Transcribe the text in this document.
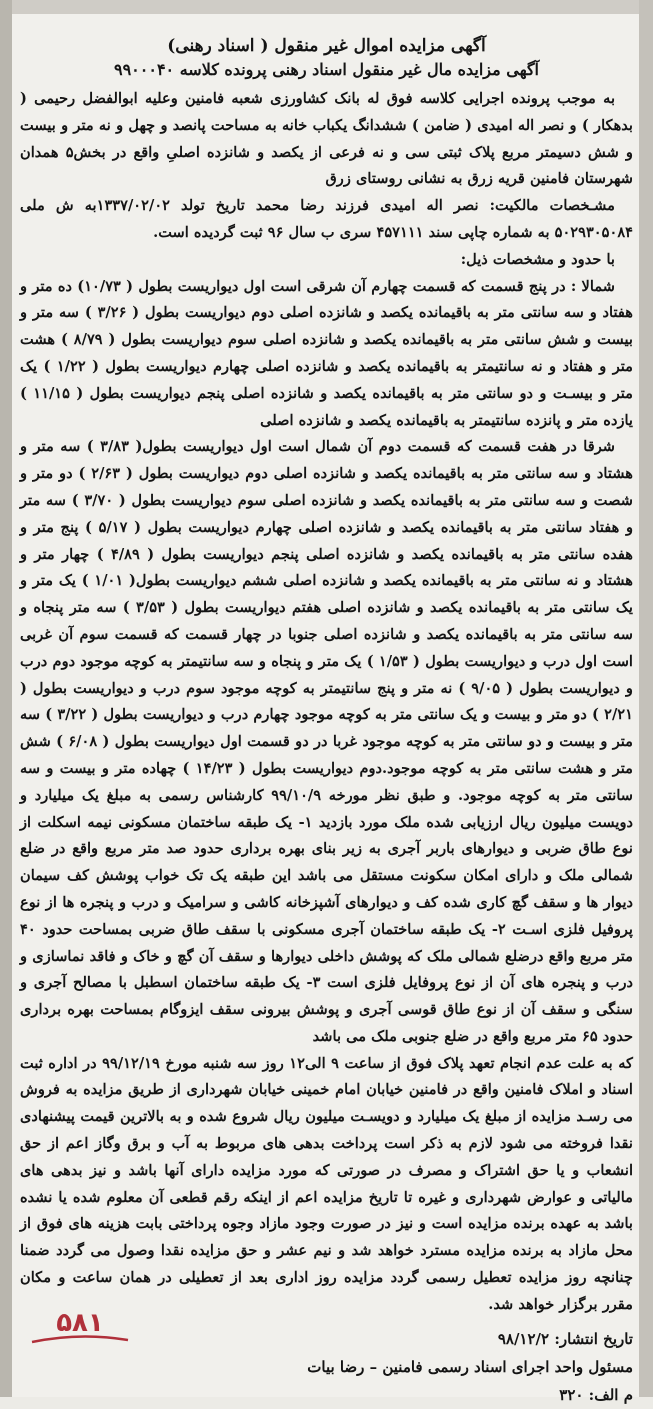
آگهی مزایده اموال غیر منقول ( اسناد رهنی)
آگهی مزایده مال غیر منقول اسناد رهنی پرونده کلاسه ۹۹۰۰۰۴۰

به موجب پرونده اجرایی کلاسه فوق له بانک کشاورزی شعبه فامنین وعلیه ابوالفضل رحیمی ( بدهکار ) و نصر اله امیدی ( ضامن ) ششدانگ یکباب خانه به مساحت پانصد و چهل و نه متر و بیست و شش دسیمتر مربع پلاک ثبتی سی و نه فرعی از یکصد و شانزده اصلیِ واقع در بخش۵ همدان شهرستان فامنین قریه زرق به نشانی روستای زرق

مشـخصات مالکیت: نصر اله امیدی فرزند رضا محمد تاریخ تولد ۱۳۳۷/۰۲/۰۲به ش ملی ۵۰۲۹۳۰۵۰۸۴ به شماره چاپی سند ۴۵۷۱۱۱ سری ب سال ۹۶ ثبت گردیده است.

با حدود و مشخصات ذیل:

شمالا : در پنج قسمت که قسمت چهارم آن شرقی است اول دیواریست بطول ( ۱۰/۷۳) ده متر و هفتاد و سه سانتی متر به باقیمانده یکصد و شانزده اصلی دوم دیواریست بطول ( ۳/۲۶ ) سه متر و بیست و شش سانتی متر به باقیمانده یکصد و شانزده اصلی سوم دیواریست بطول ( ۸/۷۹ ) هشت متر و هفتاد و نه سانتیمتر به باقیمانده یکصد و شانزده اصلی چهارم دیواریست بطول ( ۱/۲۲ ) یک متر و بیسـت و دو سانتی متر به باقیمانده یکصد و شانزده اصلی پنجم دیواریست بطول ( ۱۱/۱۵ ) یازده متر و پانزده سانتیمتر به باقیمانده یکصد و شانزده اصلی

شرقا در هفت قسمت که قسمت دوم آن شمال است اول دیواریست بطول( ۳/۸۳ ) سه متر و هشتاد و سه سانتی متر به باقیمانده یکصد و شانزده اصلی دوم دیواریست بطول ( ۲/۶۳ ) دو متر و شصت و سه سانتی متر به باقیمانده یکصد و شانزده اصلی سوم دیواریست بطول ( ۳/۷۰ ) سه متر و هفتاد سانتی متر به باقیمانده یکصد و شانزده اصلی چهارم دیواریست بطول ( ۵/۱۷ ) پنج متر و هفده سانتی متر به باقیمانده یکصد و شانزده اصلی پنجم دیواریست بطول ( ۴/۸۹ ) چهار متر و هشتاد و نه سانتی متر به باقیمانده یکصد و شانزده اصلی ششم دیواریست بطول( ۱/۰۱ ) یک متر و یک سانتی متر به باقیمانده یکصد و شانزده اصلی هفتم دیواریست بطول ( ۳/۵۳ ) سه متر پنجاه و سه سانتی متر به باقیمانده یکصد و شانزده اصلی جنوبا در چهار قسمت که قسمت سوم آن غربی است اول درب و دیواریست بطول ( ۱/۵۳ ) یک متر و پنجاه و سه سانتیمتر به کوچه موجود دوم درب و دیواریست بطول ( ۹/۰۵ ) نه متر و پنج سانتیمتر به کوچه موجود سوم درب و دیواریست بطول ( ۲/۲۱ ) دو متر و بیست و یک سانتی متر به کوچه موجود چهارم درب و دیواریست بطول ( ۳/۲۲ ) سه متر و بیست و دو سانتی متر به کوچه موجود غربا در دو قسمت اول دیواریست بطول ( ۶/۰۸ ) شش متر و هشت سانتی متر به کوچه موجود.دوم دیواریست بطول ( ۱۴/۲۳ ) چهاده متر و بیست و سه سانتی متر به کوچه موجود. و طبق نظر مورخه ۹۹/۱۰/۹ کارشناس رسمی به مبلغ یک میلیارد و دویست میلیون ریال ارزیابی شده ملک مورد بازدید ۱- یک طبقه ساختمان مسکونی نیمه اسکلت از نوع طاق ضربی و دیوارهای باربر آجری به زیر بنای بهره برداری حدود صد متر مربع واقع در ضلع شمالی ملک و دارای امکان سکونت مستقل می باشد این طبقه یک تک خواب پوشش کف سیمان دیوار ها و سقف گچ کاری شده کف و دیوارهای آشپزخانه کاشی و سرامیک و درب و پنجره ها از نوع پروفیل فلزی اسـت ۲- یک طبقه ساختمان آجری مسکونی با سقف طاق ضربی بمساحت حدود ۴۰ متر مربع واقع درضلع شمالی ملک که پوشش داخلی دیوارها و سقف آن گچ و خاک و فاقد نماسازی و درب و پنجره های آن از نوع پروفایل فلزی است ۳- یک طبقه ساختمان اسطبل با مصالح آجری و سنگی و سقف آن از نوع طاق قوسی آجری و پوشش بیرونی سقف ایزوگام بمساحت بهره برداری حدود ۶۵ متر مربع واقع در ضلع جنوبی ملک می باشد

که به علت عدم انجام تعهد پلاک فوق از ساعت ۹ الی۱۲ روز سه شنبه مورخ ۹۹/۱۲/۱۹ در اداره ثبت اسناد و املاک فامنین واقع در فامنین خیابان امام خمینی خیابان شهرداری از طریق مزایده به فروش می رسـد مزایده از مبلغ یک میلیارد و دویسـت میلیون ریال شروع شده و به بالاترین قیمت پیشنهادی نقدا فروخته می شود لازم به ذکر است پرداخت بدهی های مربوط به آب و برق وگاز اعم از حق انشعاب و یا حق اشتراک و مصرف در صورتی که مورد مزایده دارای آنها باشد و نیز بدهی های مالیاتی و عوارض شهرداری و غیره تا تاریخ مزایده اعم از اینکه رقم قطعی آن معلوم شده یا نشده باشد به عهده برنده مزایده است و نیز در صورت وجود مازاد وجوه پرداختی بابت هزینه های فوق از محل مازاد به برنده مزایده مسترد خواهد شد و نیم عشر و حق مزایده نقدا وصول می گردد ضمنا چنانچه روز مزایده تعطیل رسمی گردد مزایده روز اداری بعد از تعطیلی در همان ساعت و مکان مقرر برگزار خواهد شد.

تاریخ انتشار: ۹۸/۱۲/۲

مسئول واحد اجرای اسناد رسمی فامنین – رضا بیات

م الف: ۳۲۰

۵۸۱
